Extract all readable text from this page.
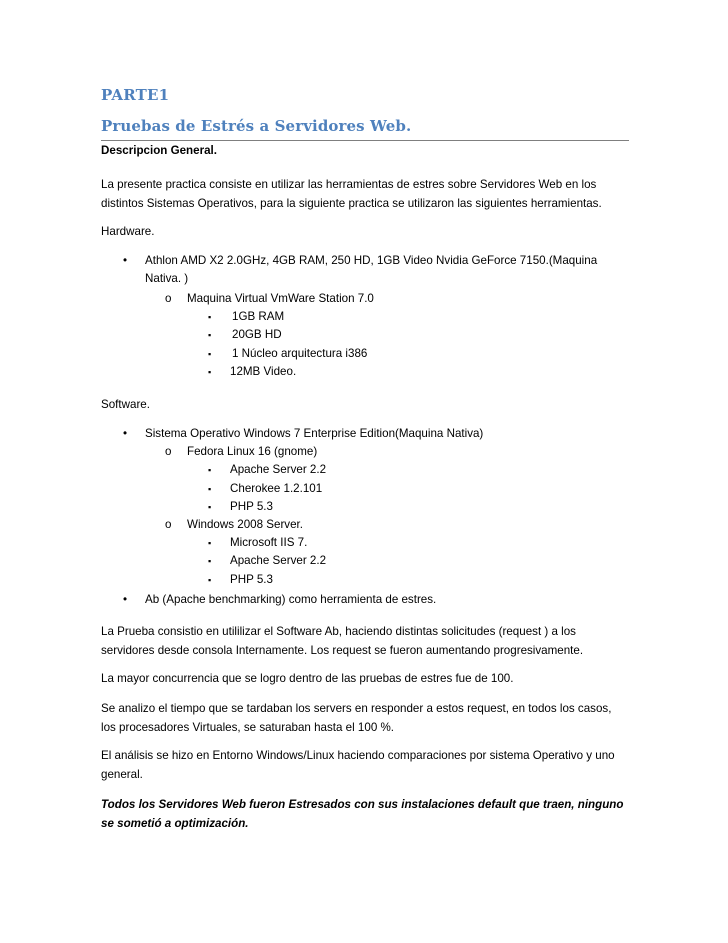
PARTE1
Pruebas de Estrés a Servidores Web.

Descripcion General.

La presente practica consiste en utilizar las herramientas de estres sobre Servidores Web en los distintos Sistemas Operativos, para la siguiente practica se utilizaron las siguientes herramientas.

Hardware.

• Athlon AMD X2 2.0GHz, 4GB RAM, 250 HD, 1GB Video Nvidia GeForce 7150.(Maquina Nativa. )
o Maquina Virtual VmWare Station 7.0
▪ 1GB RAM
▪ 20GB HD
▪ 1 Núcleo arquitectura i386
▪ 12MB Video.

Software.

• Sistema Operativo Windows 7 Enterprise Edition(Maquina Nativa)
o Fedora Linux 16 (gnome)
▪ Apache Server 2.2
▪ Cherokee 1.2.101
▪ PHP 5.3
o Windows 2008 Server.
▪ Microsoft IIS 7.
▪ Apache Server 2.2
▪ PHP 5.3
• Ab (Apache benchmarking) como herramienta de estres.

La Prueba consistio en utililizar el Software Ab, haciendo distintas solicitudes (request ) a los servidores desde consola Internamente. Los request se fueron aumentando progresivamente.

La mayor concurrencia que se logro dentro de las pruebas de estres fue de 100.

Se analizo el tiempo que se tardaban los servers en responder a estos request, en todos los casos, los procesadores Virtuales, se saturaban hasta el 100 %.

El análisis se hizo en Entorno Windows/Linux haciendo comparaciones por sistema Operativo y uno general.

Todos los Servidores Web fueron Estresados con sus instalaciones default que traen, ninguno se sometió a optimización.
